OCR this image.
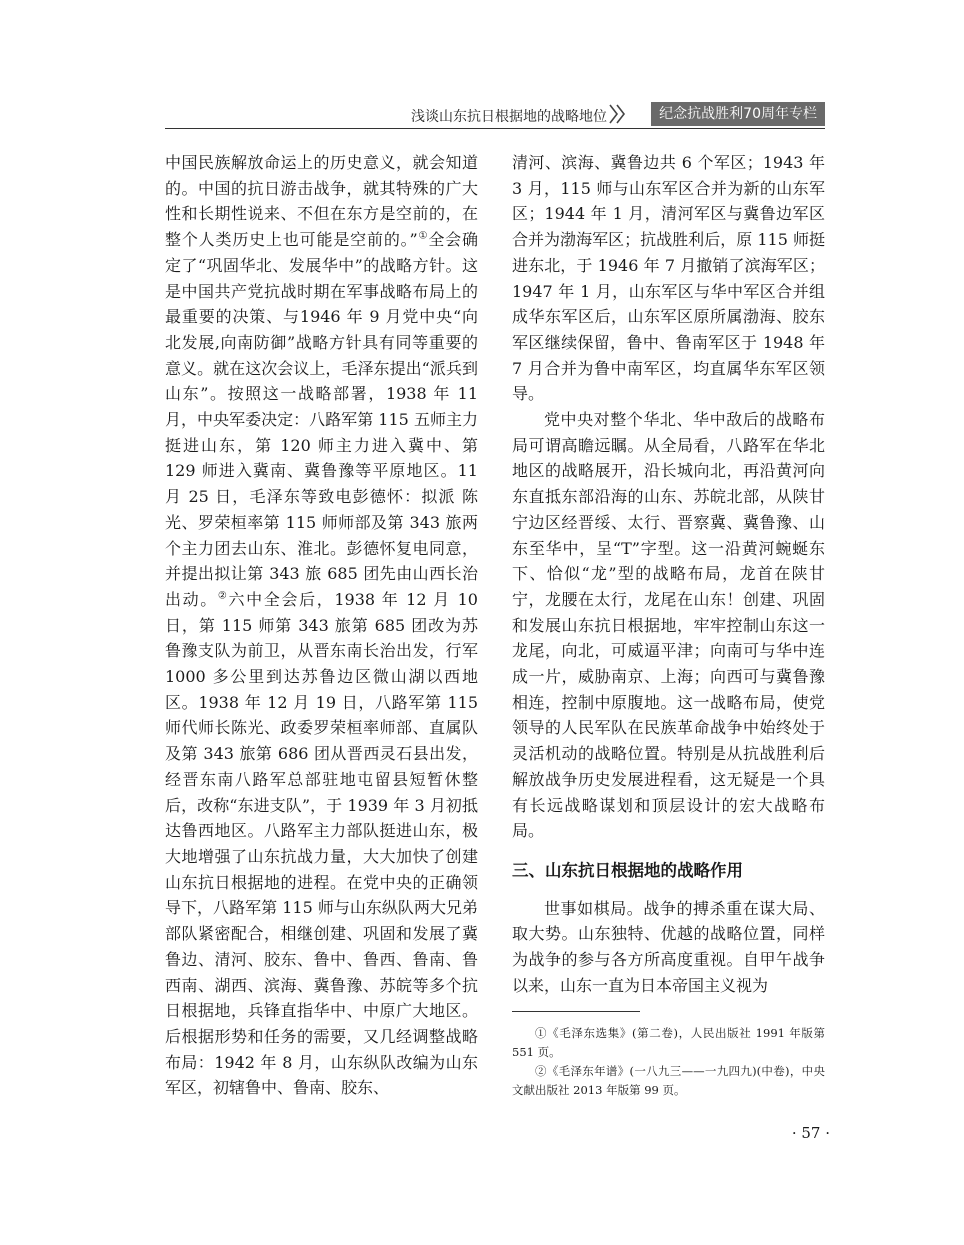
浅谈山东抗日根据地的战略地位	纪念抗战胜利70周年专栏

中国民族解放命运上的历史意义，就会知道的。中国的抗日游击战争，就其特殊的广大性和长期性说来、不但在东方是空前的，在整个人类历史上也可能是空前的。”①全会确定了“巩固华北、发展华中”的战略方针。这是中国共产党抗战时期在军事战略布局上的最重要的决策、与1946 年 9 月党中央“向北发展,向南防御”战略方针具有同等重要的意义。就在这次会议上，毛泽东提出“派兵到山东”。按照这一战略部署，1938 年 11 月，中央军委决定：八路军第 115 五师主力挺进山东，第 120 师主力进入冀中、第 129 师进入冀南、冀鲁豫等平原地区。11 月 25 日，毛泽东等致电彭德怀：拟派 陈光、罗荣桓率第 115 师师部及第 343 旅两个主力团去山东、淮北。彭德怀复电同意，并提出拟让第 343 旅 685 团先由山西长治出动。②六中全会后，1938 年 12 月 10 日，第 115 师第 343 旅第 685 团改为苏鲁豫支队为前卫，从晋东南长治出发，行军 1000 多公里到达苏鲁边区微山湖以西地区。1938 年 12 月 19 日，八路军第 115 师代师长陈光、政委罗荣桓率师部、直属队及第 343 旅第 686 团从晋西灵石县出发，经晋东南八路军总部驻地屯留县短暂休整后，改称“东进支队”，于 1939 年 3 月初抵达鲁西地区。八路军主力部队挺进山东，极大地增强了山东抗战力量，大大加快了创建山东抗日根据地的进程。在党中央的正确领导下，八路军第 115 师与山东纵队两大兄弟部队紧密配合，相继创建、巩固和发展了冀鲁边、清河、胶东、鲁中、鲁西、鲁南、鲁西南、湖西、滨海、冀鲁豫、苏皖等多个抗日根据地，兵锋直指华中、中原广大地区。后根据形势和任务的需要，又几经调整战略布局：1942 年 8 月，山东纵队改编为山东军区，初辖鲁中、鲁南、胶东、

清河、滨海、冀鲁边共 6 个军区；1943 年 3 月，115 师与山东军区合并为新的山东军区；1944 年 1 月，清河军区与冀鲁边军区合并为渤海军区；抗战胜利后，原 115 师挺进东北，于 1946 年 7 月撤销了滨海军区；1947 年 1 月，山东军区与华中军区合并组成华东军区后，山东军区原所属渤海、胶东军区继续保留，鲁中、鲁南军区于 1948 年 7 月合并为鲁中南军区，均直属华东军区领导。

党中央对整个华北、华中敌后的战略布局可谓高瞻远瞩。从全局看，八路军在华北地区的战略展开，沿长城向北，再沿黄河向东直抵东部沿海的山东、苏皖北部，从陕甘宁边区经晋绥、太行、晋察冀、冀鲁豫、山东至华中，呈“T”字型。这一沿黄河蜿蜒东下、恰似“龙”型的战略布局，龙首在陕甘宁，龙腰在太行，龙尾在山东！创建、巩固和发展山东抗日根据地，牢牢控制山东这一龙尾，向北，可威逼平津；向南可与华中连成一片，威胁南京、上海；向西可与冀鲁豫相连，控制中原腹地。这一战略布局，使党领导的人民军队在民族革命战争中始终处于灵活机动的战略位置。特别是从抗战胜利后解放战争历史发展进程看，这无疑是一个具有长远战略谋划和顶层设计的宏大战略布局。

三、山东抗日根据地的战略作用

世事如棋局。战争的搏杀重在谋大局、取大势。山东独特、优越的战略位置，同样为战争的参与各方所高度重视。自甲午战争以来，山东一直为日本帝国主义视为

①《毛泽东选集》(第二卷)，人民出版社 1991 年版第 551 页。

②《毛泽东年谱》(一八九三——一九四九)(中卷)，中央文献出版社 2013 年版第 99 页。

· 57 ·
